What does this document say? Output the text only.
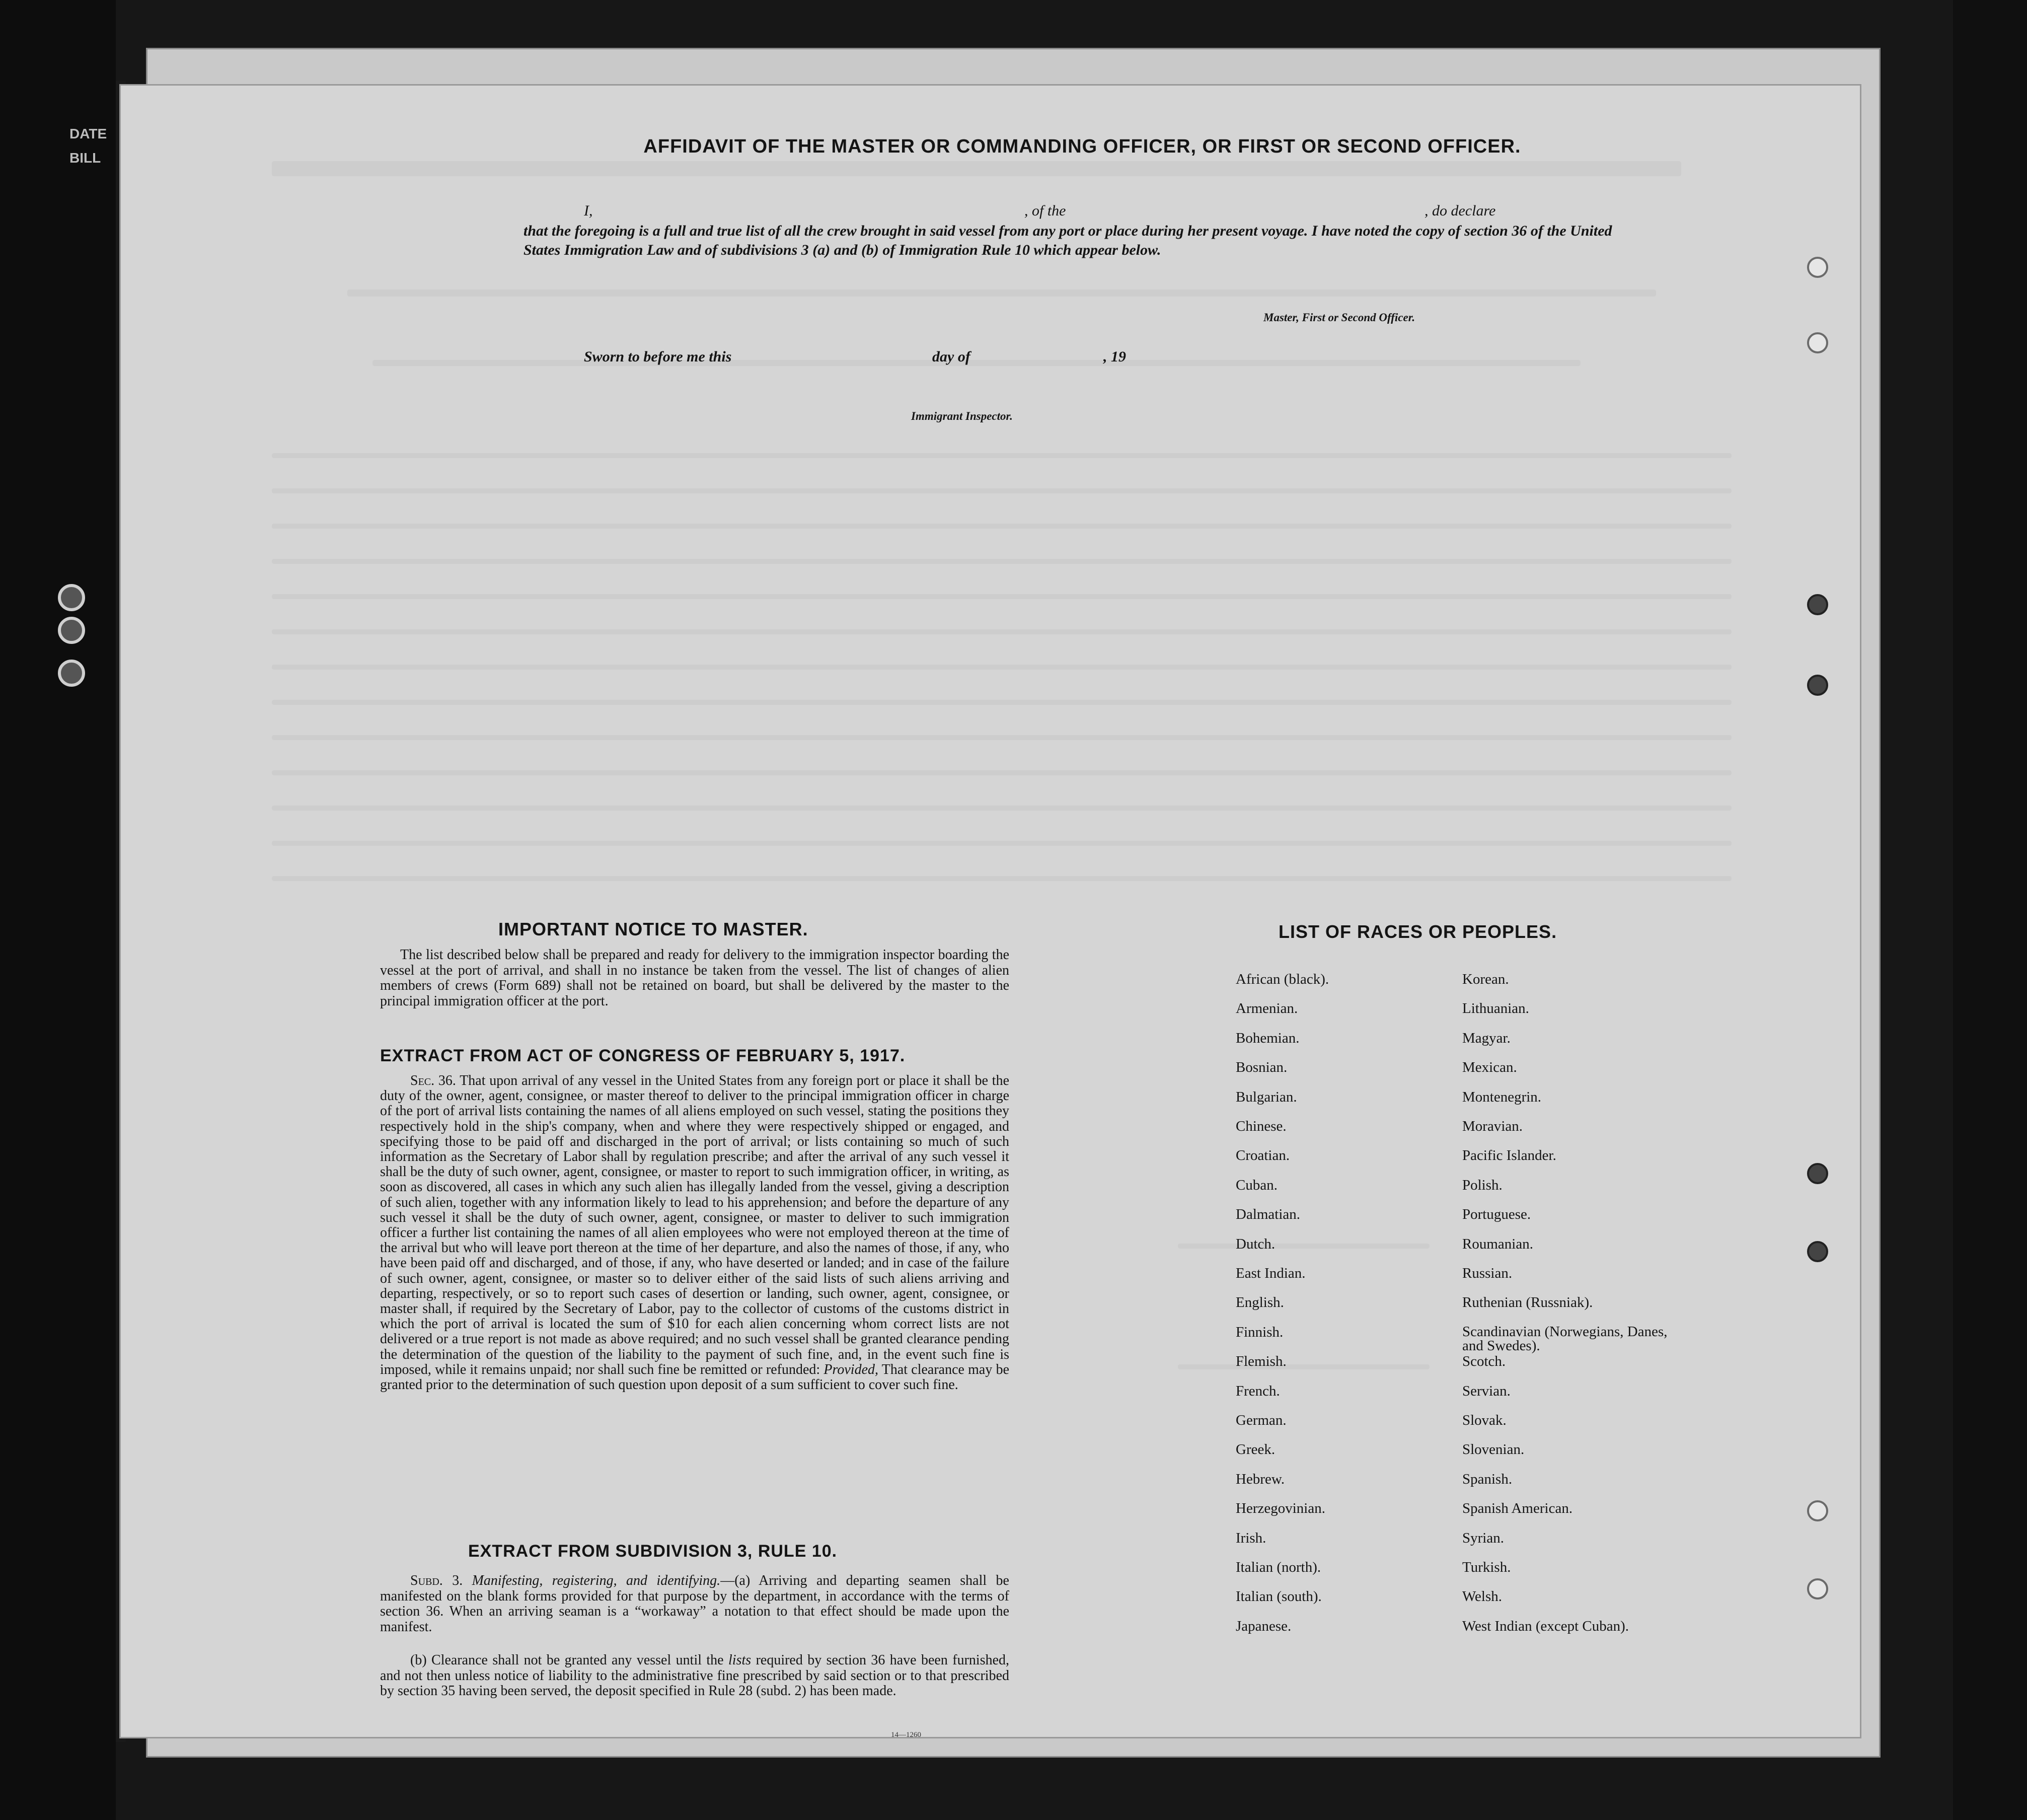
DATE
BILL
AFFIDAVIT OF THE MASTER OR COMMANDING OFFICER, OR FIRST OR SECOND OFFICER.
I,	, of the	, do declare
that the foregoing is a full and true list of all the crew brought in said vessel from any port or place during her present voyage. I have noted the copy of section 36 of the United States Immigration Law and of subdivisions 3 (a) and (b) of Immigration Rule 10 which appear below.
Master, First or Second Officer.
Sworn to before me this	day of	, 19
Immigrant Inspector.
IMPORTANT NOTICE TO MASTER.
The list described below shall be prepared and ready for delivery to the immigration inspector boarding the vessel at the port of arrival, and shall in no instance be taken from the vessel. The list of changes of alien members of crews (Form 689) shall not be retained on board, but shall be delivered by the master to the principal immigration officer at the port.
EXTRACT FROM ACT OF CONGRESS OF FEBRUARY 5, 1917.
Sec. 36. That upon arrival of any vessel in the United States from any foreign port or place it shall be the duty of the owner, agent, consignee, or master thereof to deliver to the principal immigration officer in charge of the port of arrival lists containing the names of all aliens employed on such vessel, stating the positions they respectively hold in the ship's company, when and where they were respectively shipped or engaged, and specifying those to be paid off and discharged in the port of arrival; or lists containing so much of such information as the Secretary of Labor shall by regulation prescribe; and after the arrival of any such vessel it shall be the duty of such owner, agent, consignee, or master to report to such immigration officer, in writing, as soon as discovered, all cases in which any such alien has illegally landed from the vessel, giving a description of such alien, together with any information likely to lead to his apprehension; and before the departure of any such vessel it shall be the duty of such owner, agent, consignee, or master to deliver to such immigration officer a further list containing the names of all alien employees who were not employed thereon at the time of the arrival but who will leave port thereon at the time of her departure, and also the names of those, if any, who have been paid off and discharged, and of those, if any, who have deserted or landed; and in case of the failure of such owner, agent, consignee, or master so to deliver either of the said lists of such aliens arriving and departing, respectively, or so to report such cases of desertion or landing, such owner, agent, consignee, or master shall, if required by the Secretary of Labor, pay to the collector of customs of the customs district in which the port of arrival is located the sum of $10 for each alien concerning whom correct lists are not delivered or a true report is not made as above required; and no such vessel shall be granted clearance pending the determination of the question of the liability to the payment of such fine, and, in the event such fine is imposed, while it remains unpaid; nor shall such fine be remitted or refunded: Provided, That clearance may be granted prior to the determination of such question upon deposit of a sum sufficient to cover such fine.
EXTRACT FROM SUBDIVISION 3, RULE 10.
Subd. 3. Manifesting, registering, and identifying.—(a) Arriving and departing seamen shall be manifested on the blank forms provided for that purpose by the department, in accordance with the terms of section 36. When an arriving seaman is a “workaway” a notation to that effect should be made upon the manifest.
(b) Clearance shall not be granted any vessel until the lists required by section 36 have been furnished, and not then unless notice of liability to the administrative fine prescribed by said section or to that prescribed by section 35 having been served, the deposit specified in Rule 28 (subd. 2) has been made.
14—1260
LIST OF RACES OR PEOPLES.
African (black).
Armenian.
Bohemian.
Bosnian.
Bulgarian.
Chinese.
Croatian.
Cuban.
Dalmatian.
Dutch.
East Indian.
English.
Finnish.
Flemish.
French.
German.
Greek.
Hebrew.
Herzegovinian.
Irish.
Italian (north).
Italian (south).
Japanese.
Korean.
Lithuanian.
Magyar.
Mexican.
Montenegrin.
Moravian.
Pacific Islander.
Polish.
Portuguese.
Roumanian.
Russian.
Ruthenian (Russniak).
Scandinavian (Norwegians, Danes, and Swedes).
Scotch.
Servian.
Slovak.
Slovenian.
Spanish.
Spanish American.
Syrian.
Turkish.
Welsh.
West Indian (except Cuban).
